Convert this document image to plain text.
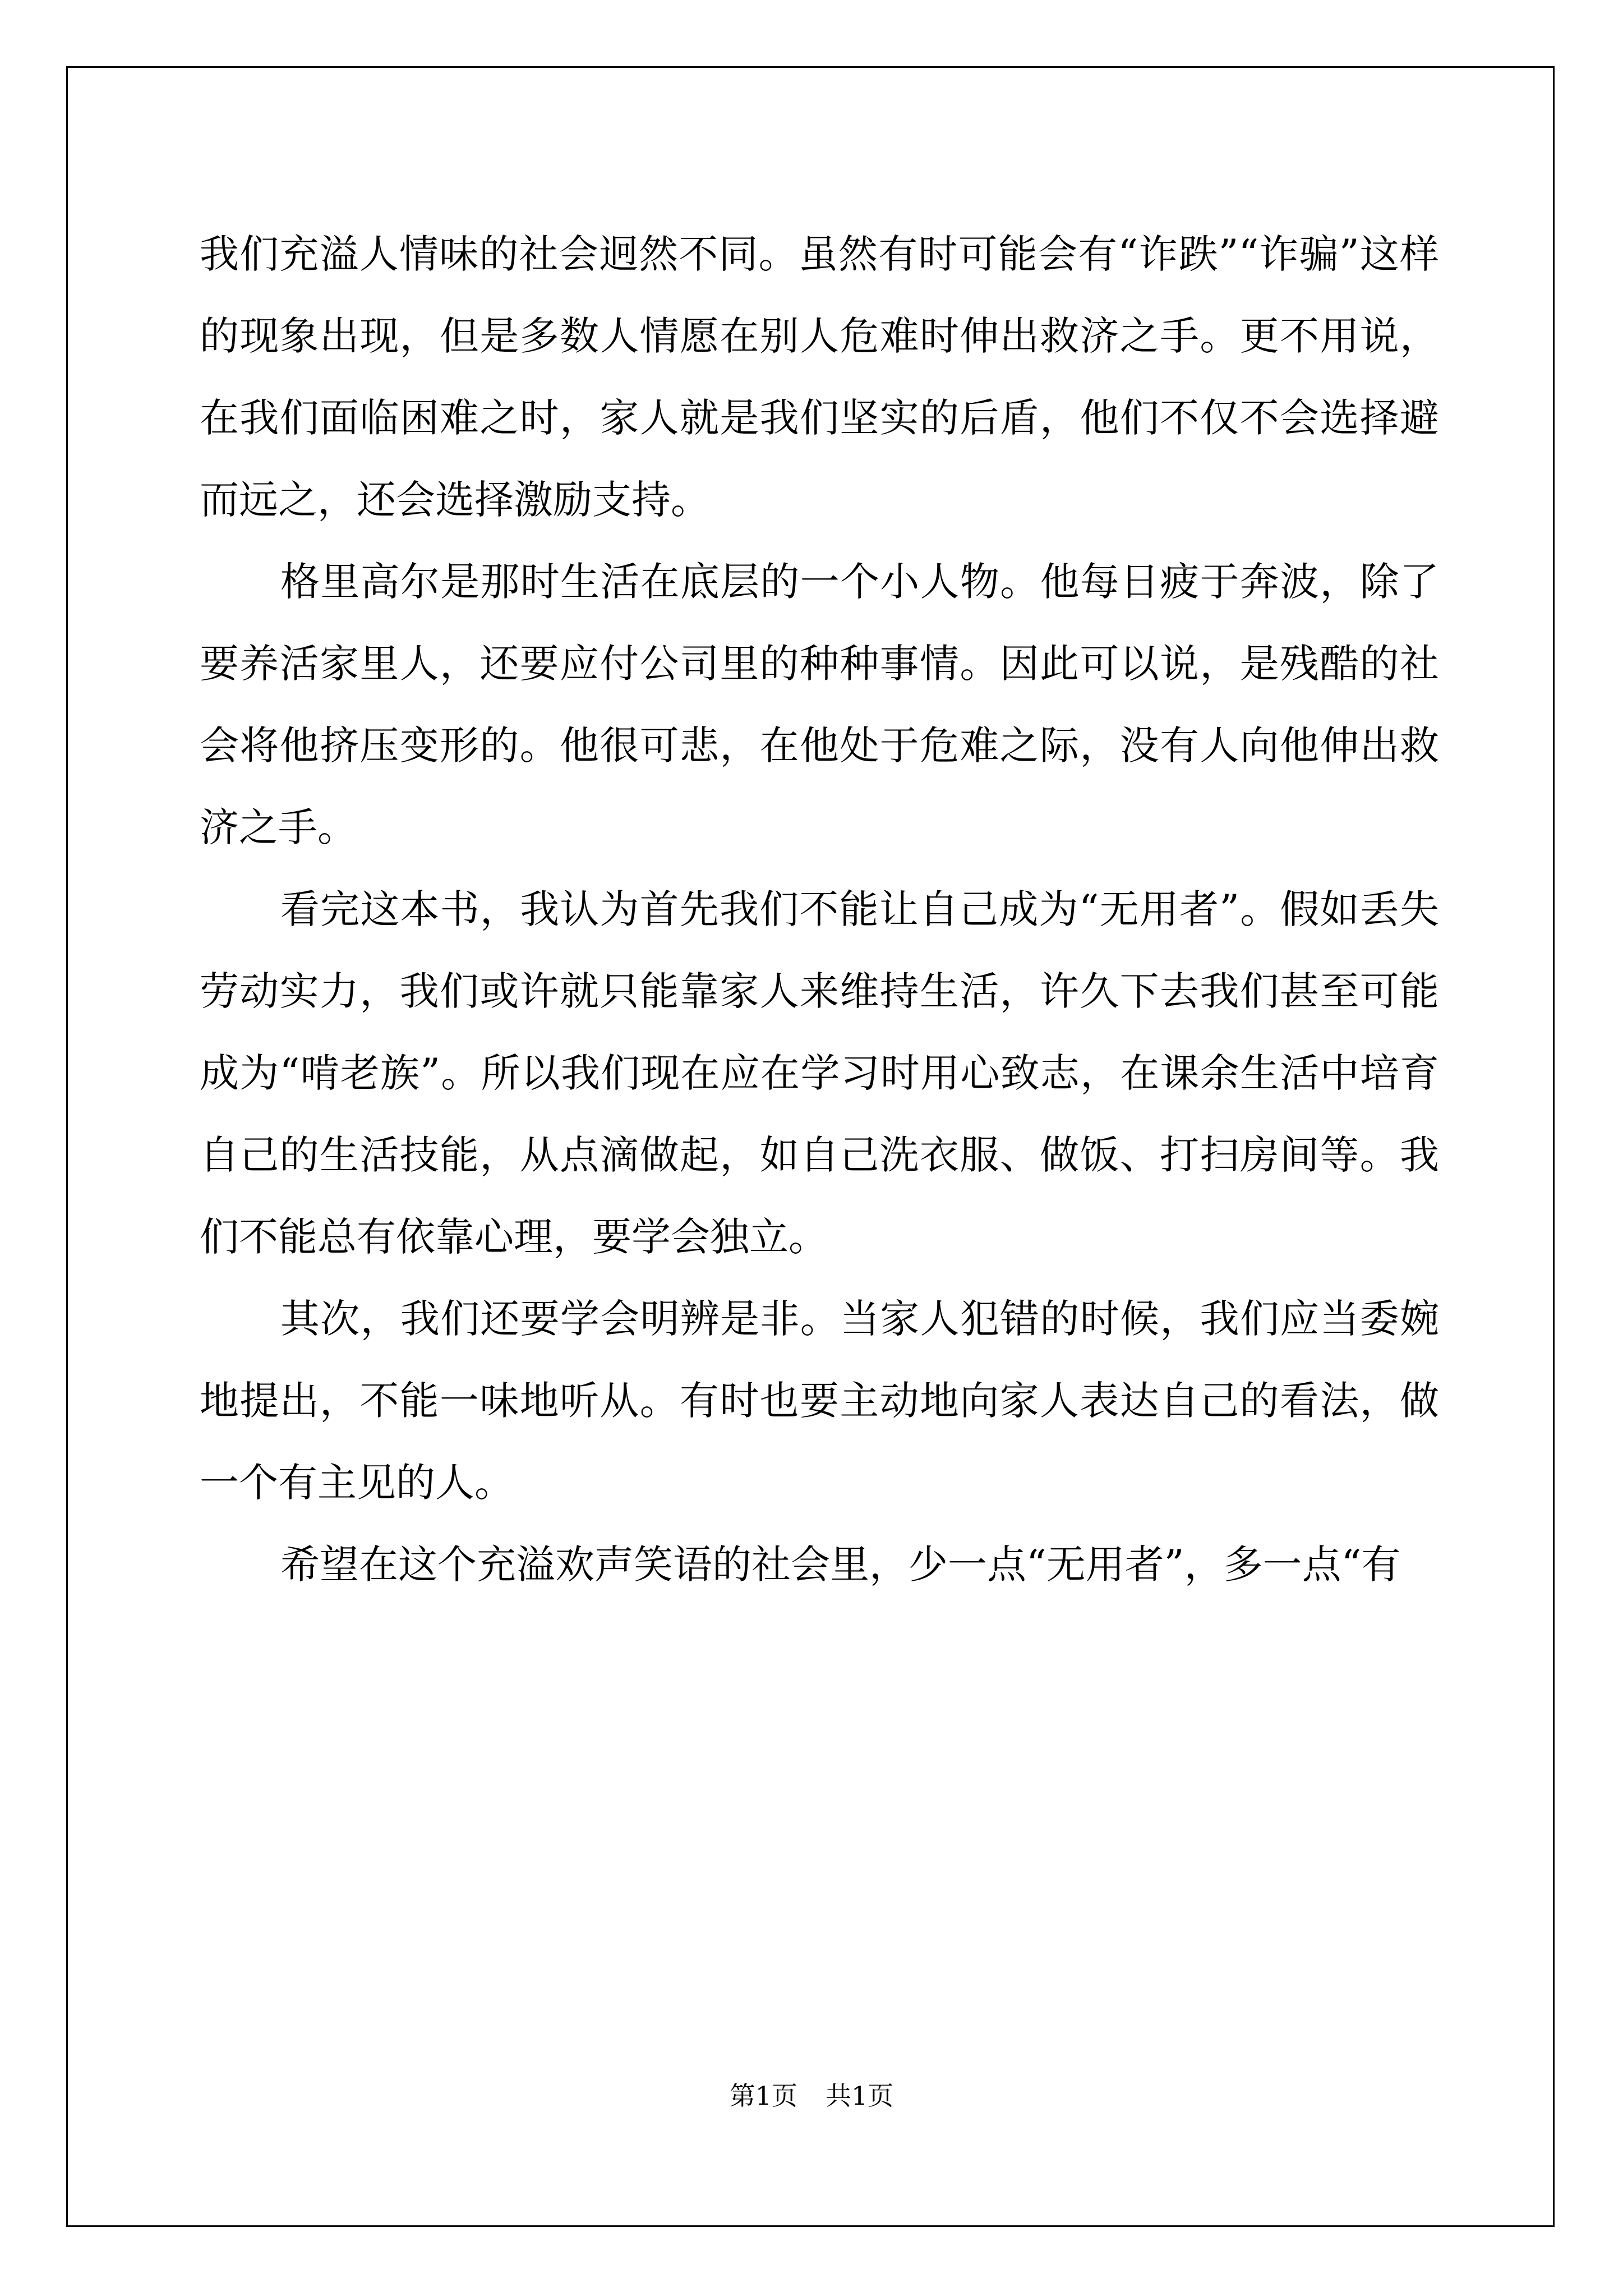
我们充溢人情味的社会迥然不同。虽然有时可能会有“诈跌”“诈骗”这样的现象出现，但是多数人情愿在别人危难时伸出救济之手。更不用说，在我们面临困难之时，家人就是我们坚实的后盾，他们不仅不会选择避而远之，还会选择激励支持。

格里高尔是那时生活在底层的一个小人物。他每日疲于奔波，除了要养活家里人，还要应付公司里的种种事情。因此可以说，是残酷的社会将他挤压变形的。他很可悲，在他处于危难之际，没有人向他伸出救济之手。

看完这本书，我认为首先我们不能让自己成为“无用者”。假如丢失劳动实力，我们或许就只能靠家人来维持生活，许久下去我们甚至可能成为“啃老族”。所以我们现在应在学习时用心致志，在课余生活中培育自己的生活技能，从点滴做起，如自己洗衣服、做饭、打扫房间等。我们不能总有依靠心理，要学会独立。

其次，我们还要学会明辨是非。当家人犯错的时候，我们应当委婉地提出，不能一味地听从。有时也要主动地向家人表达自己的看法，做一个有主见的人。

希望在这个充溢欢声笑语的社会里，少一点“无用者”，多一点“有

第1页 共1页
